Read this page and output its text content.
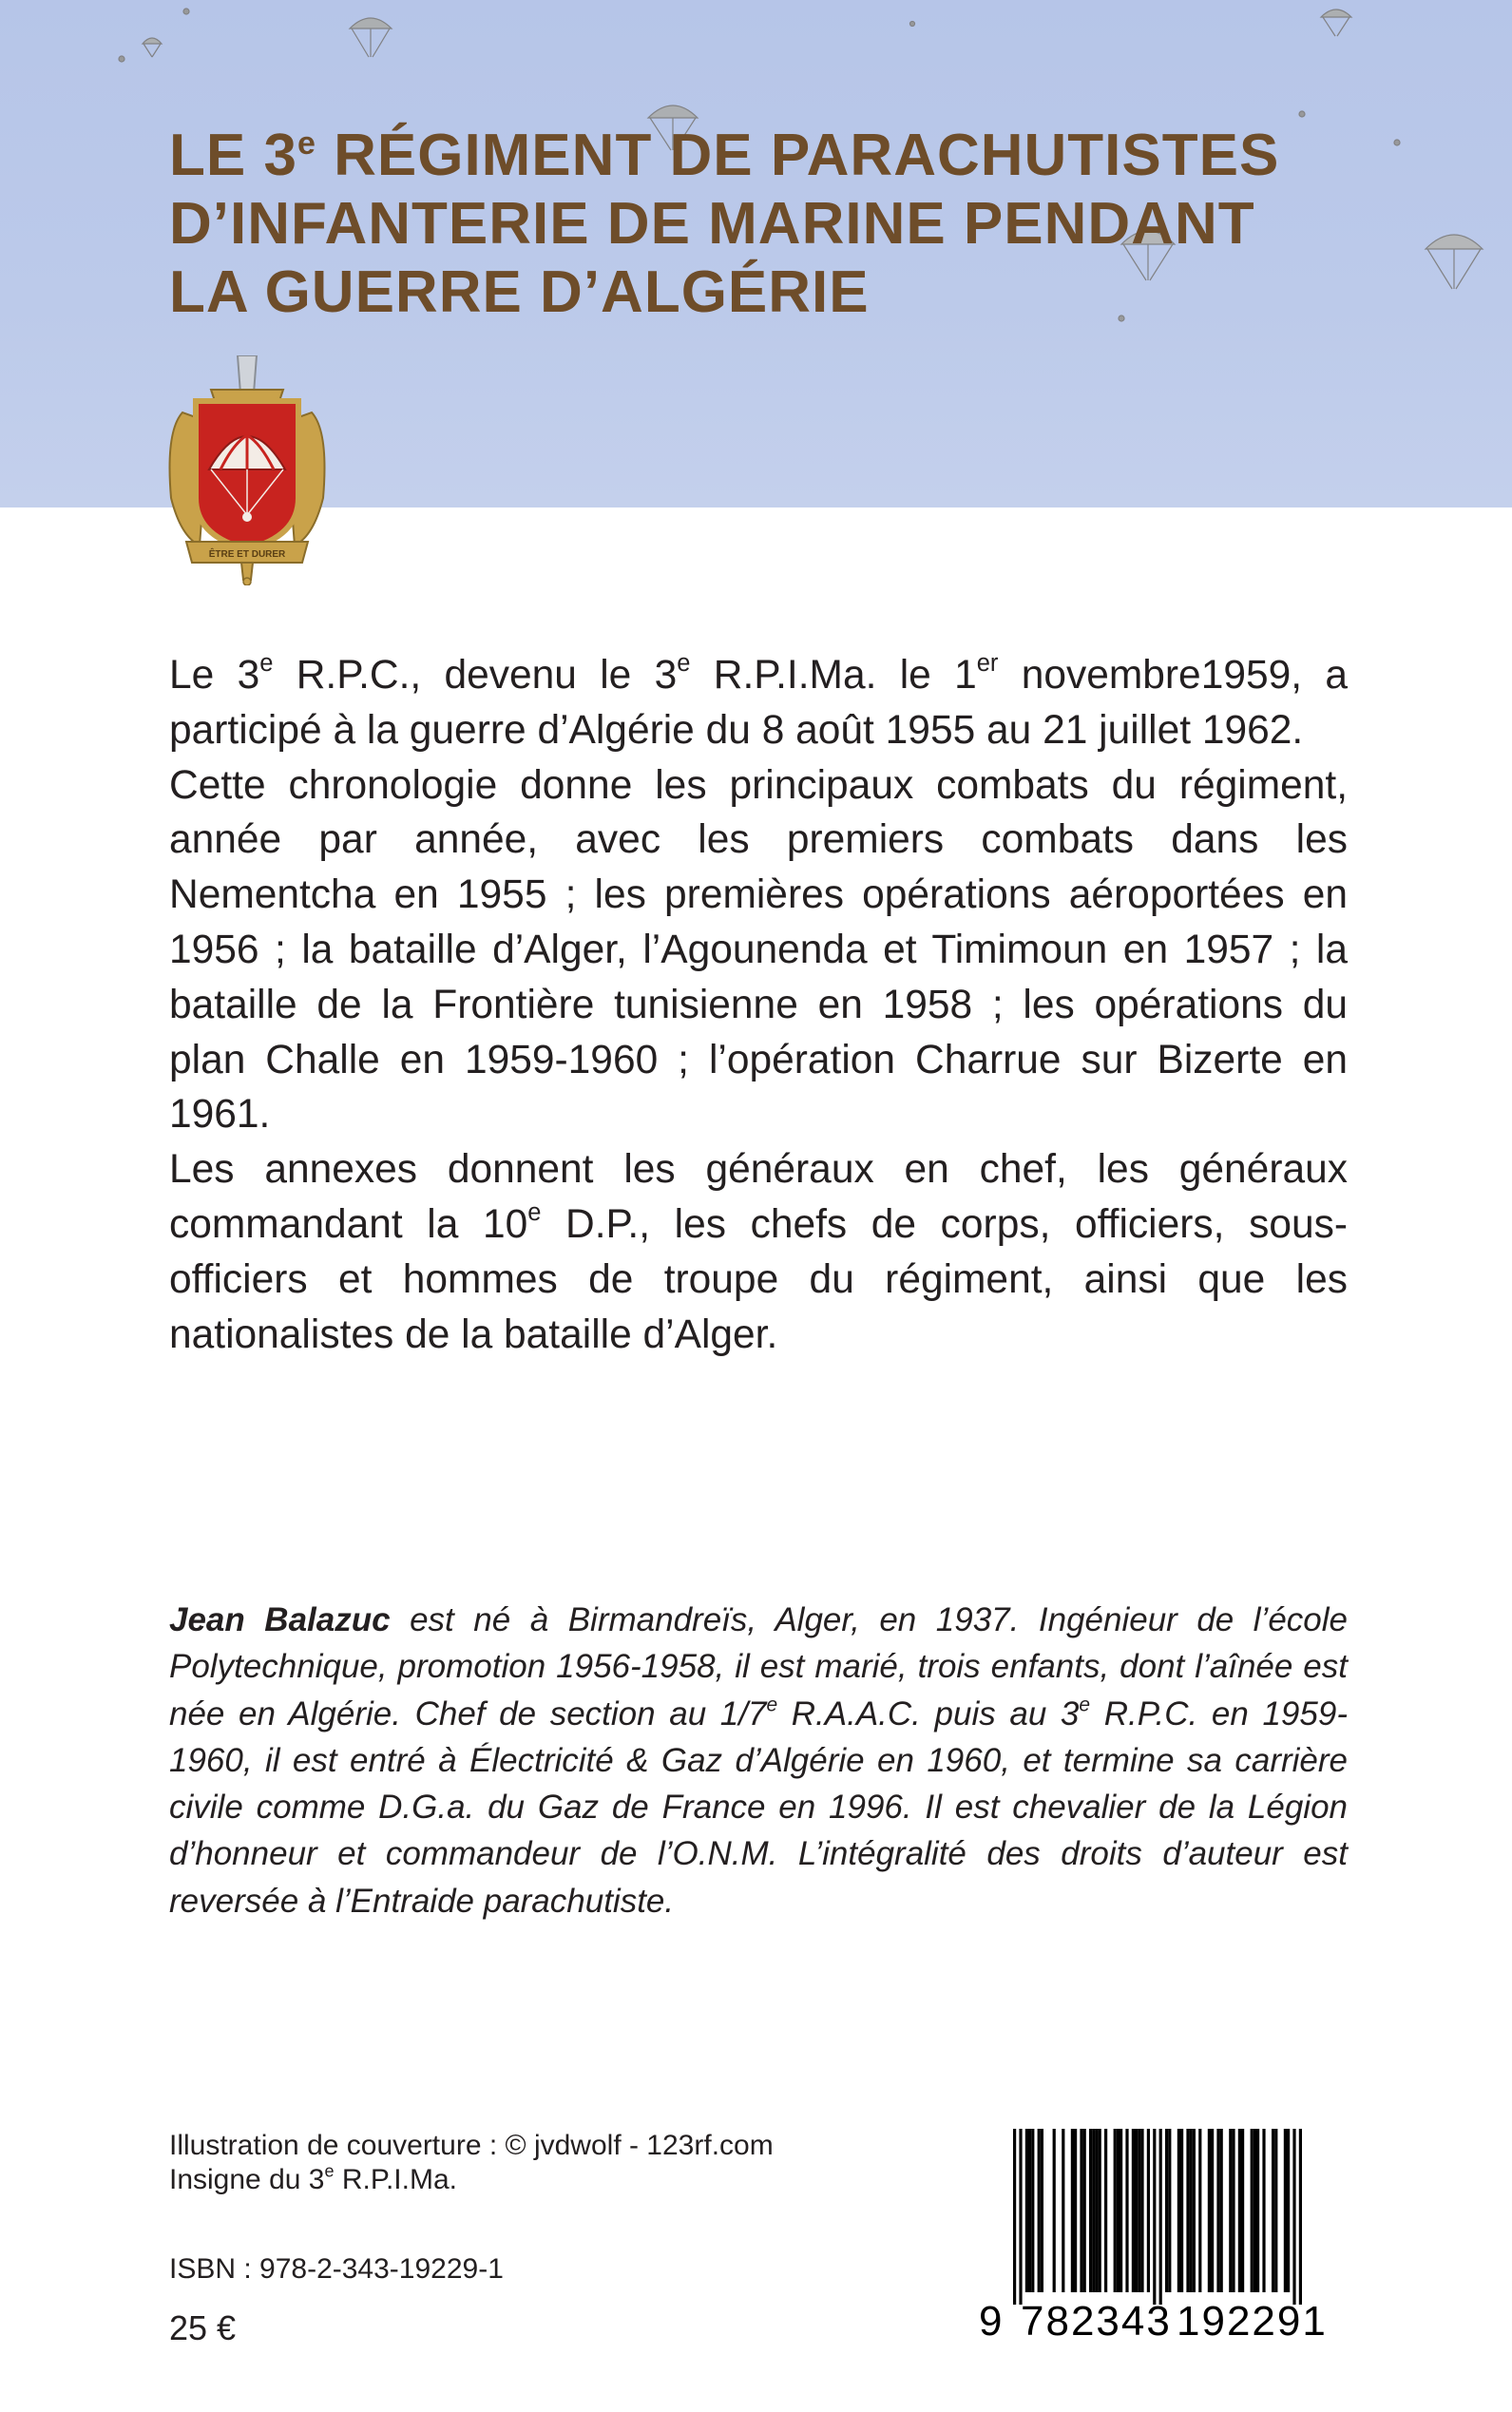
LE 3e RÉGIMENT DE PARACHUTISTES
D’INFANTERIE DE MARINE PENDANT
LA GUERRE D’ALGÉRIE
ÊTRE ET DURER

Le 3e R.P.C., devenu le 3e R.P.I.Ma. le 1er novembre1959, a participé à la guerre d’Algérie du 8 août 1955 au 21 juillet 1962.

Cette chronologie donne les principaux combats du régiment, année par année, avec les premiers combats dans les Nementcha en 1955 ; les premières opérations aéroportées en 1956 ; la bataille d’Alger, l’Agounenda et Timimoun en 1957 ; la bataille de la Frontière tunisienne en 1958 ; les opérations du plan Challe en 1959-1960 ; l’opération Charrue sur Bizerte en 1961.

Les annexes donnent les généraux en chef, les généraux commandant la 10e D.P., les chefs de corps, officiers, sous-officiers et hommes de troupe du régiment, ainsi que les nationalistes de la bataille d’Alger.

Jean Balazuc est né à Birmandreïs, Alger, en 1937. Ingénieur de l’école Polytechnique, promotion 1956-1958, il est marié, trois enfants, dont l’aînée est née en Algérie. Chef de section au 1/7e R.A.A.C. puis au 3e R.P.C. en 1959-1960, il est entré à Électricité & Gaz d’Algérie en 1960, et termine sa carrière civile comme D.G.a. du Gaz de France en 1996. Il est chevalier de la Légion d’honneur et commandeur de l’O.N.M. L’intégralité des droits d’auteur est reversée à l’Entraide parachutiste.
Illustration de couverture : © jvdwolf - 123rf.com
Insigne du 3e R.P.I.Ma.
ISBN : 978-2-343-19229-1
25 €	9 782343 192291
